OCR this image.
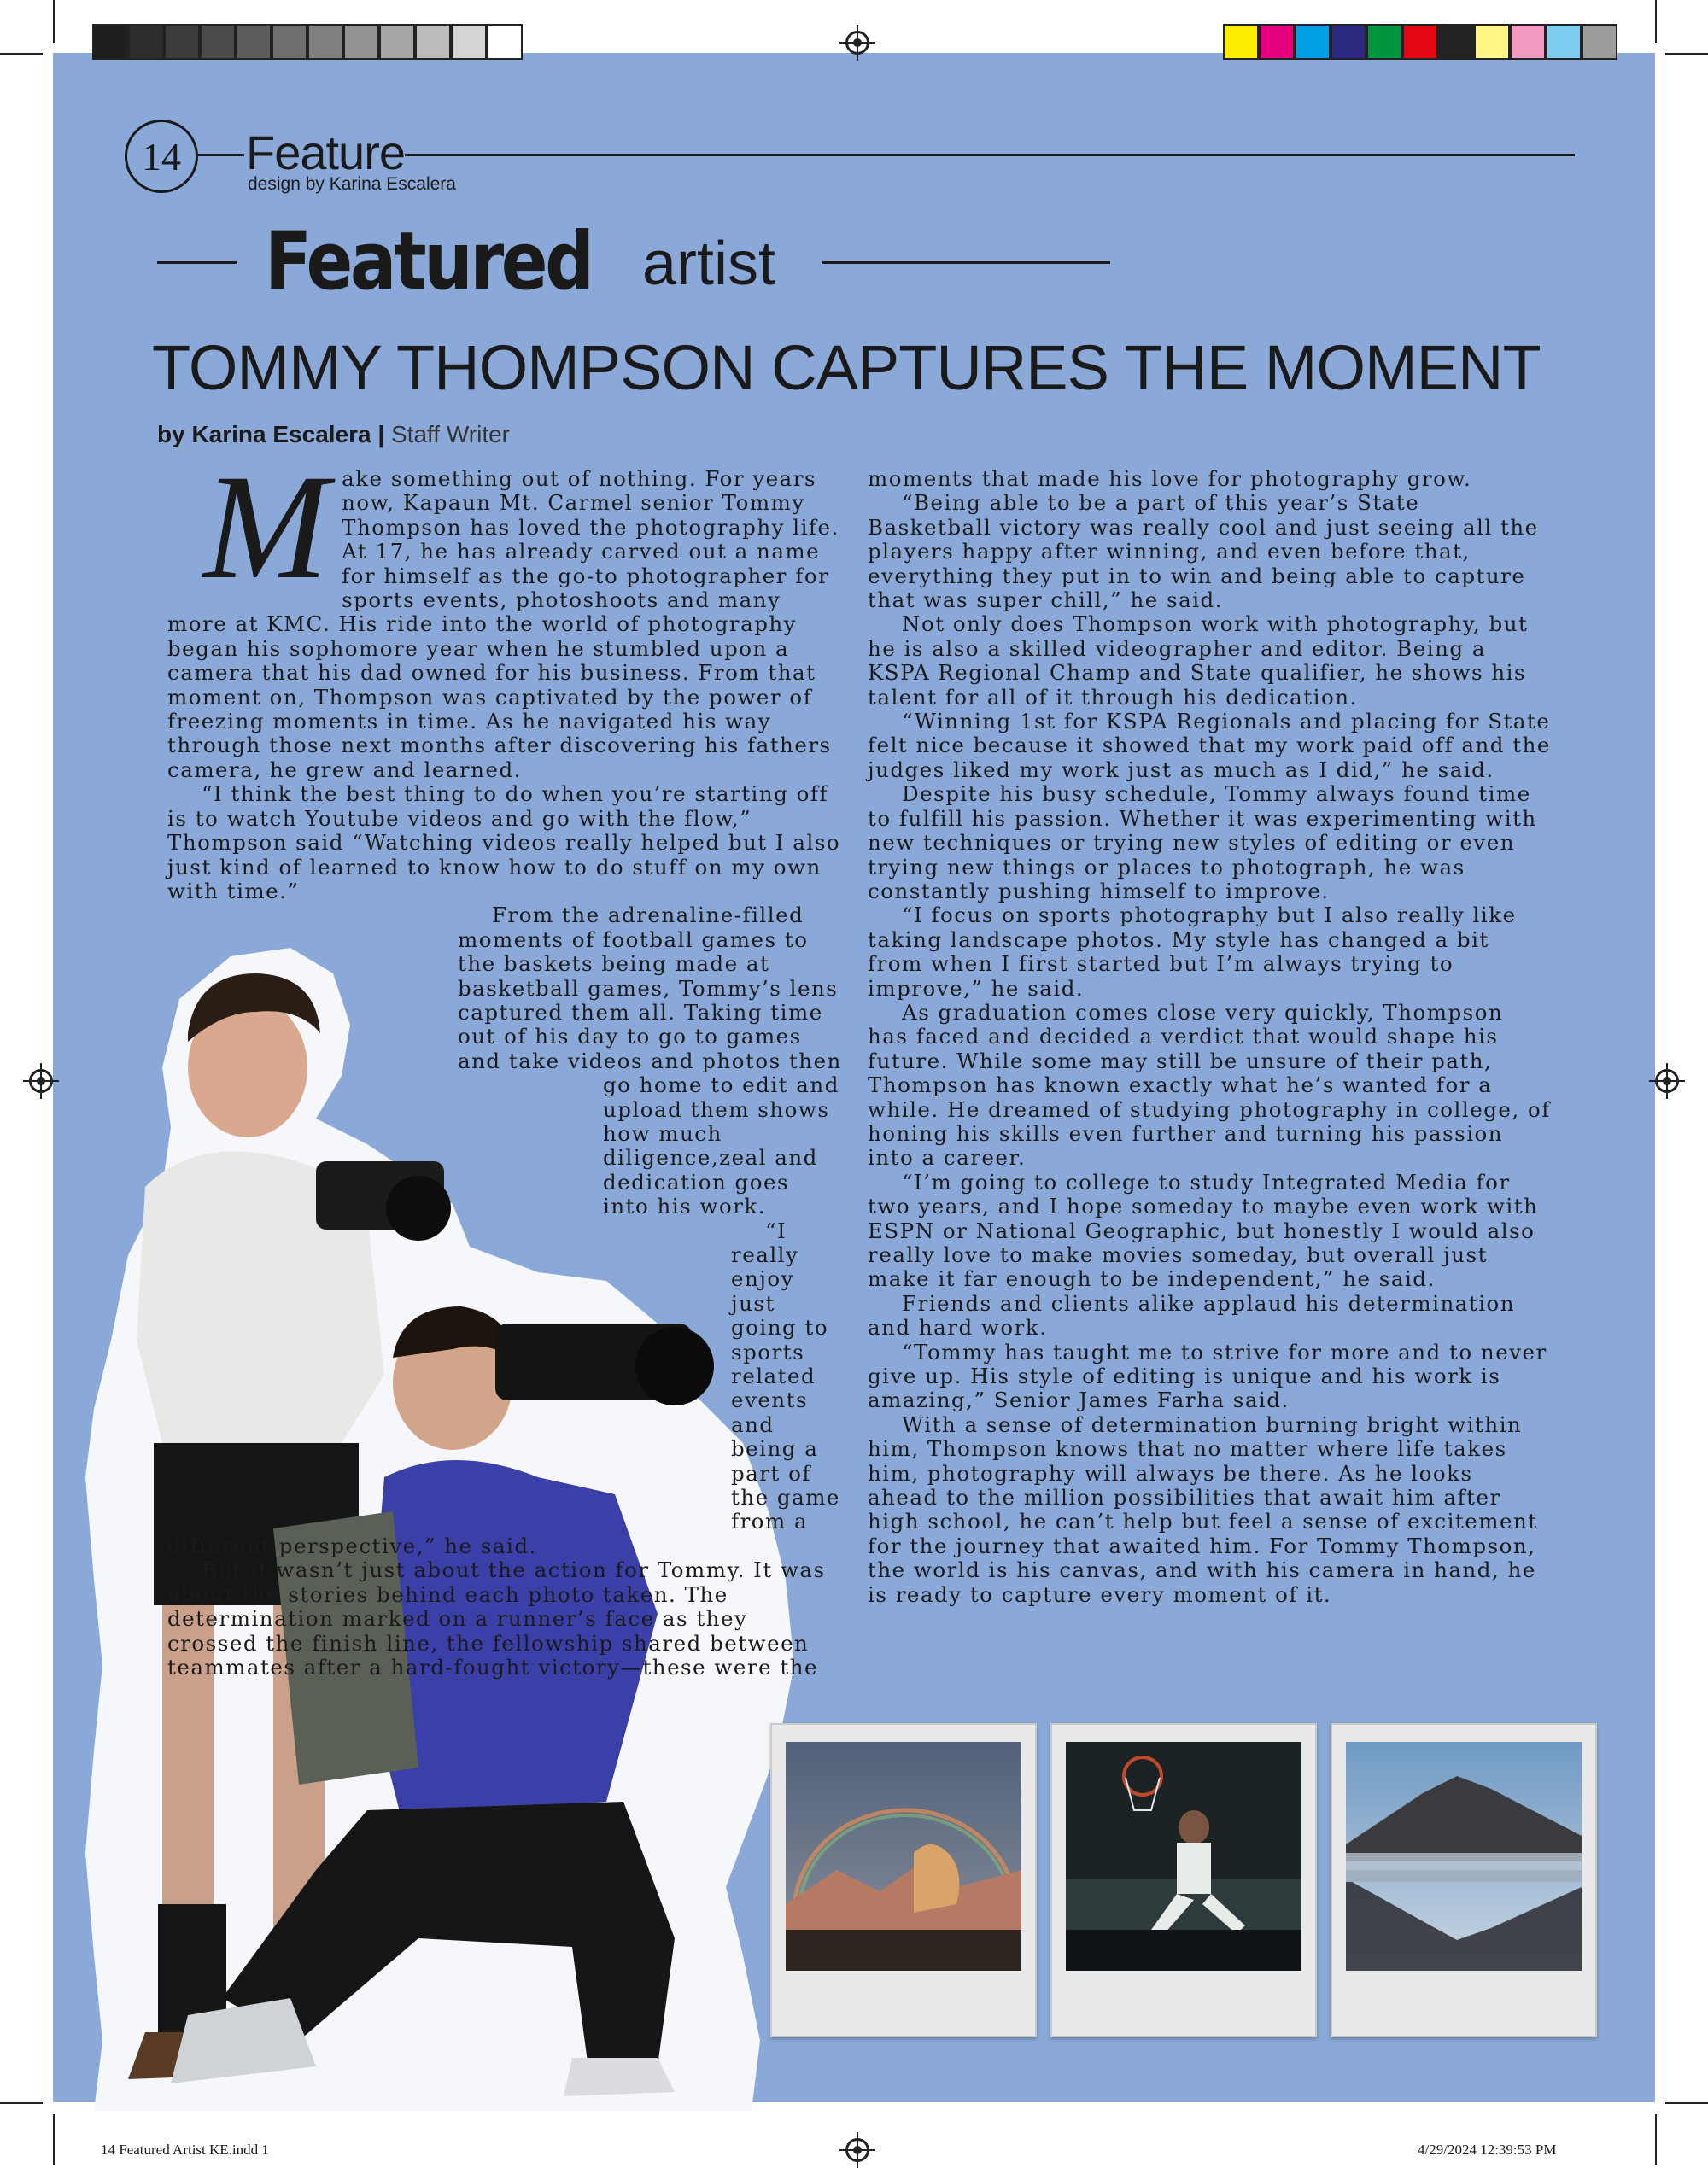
14	Feature
design by Karina Escalera
Featured artist
TOMMY THOMPSON CAPTURES THE MOMENT
by Karina Escalera | Staff Writer
M ake something out of nothing. For years now, Kapaun Mt. Carmel senior Tommy Thompson has loved the photography life. At 17, he has already carved out a name for himself as the go-to photographer for sports events, photoshoots and many more at KMC. His ride into the world of photography began his sophomore year when he stumbled upon a camera that his dad owned for his business. From that moment on, Thompson was captivated by the power of freezing moments in time. As he navigated his way through those next months after discovering his fathers camera, he grew and learned.

“I think the best thing to do when you’re starting off is to watch Youtube videos and go with the flow,” Thompson said “Watching videos really helped but I also just kind of learned to know how to do stuff on my own with time.”

From the adrenaline-filled moments of football games to the baskets being made at basketball games, Tommy’s lens captured them all. Taking time out of his day to go to games and take videos and photos then go home to edit and upload them shows how much diligence,zeal and dedication goes into his work.

“I really enjoy just going to sports related events and being a part of the game from a different perspective,” he said.

But it wasn’t just about the action for Tommy. It was about the stories behind each photo taken. The determination marked on a runner’s face as they crossed the finish line, the fellowship shared between teammates after a hard-fought victory—these were the

moments that made his love for photography grow.

“Being able to be a part of this year’s State Basketball victory was really cool and just seeing all the players happy after winning, and even before that, everything they put in to win and being able to capture that was super chill,” he said.

Not only does Thompson work with photography, but he is also a skilled videographer and editor. Being a KSPA Regional Champ and State qualifier, he shows his talent for all of it through his dedication.

“Winning 1st for KSPA Regionals and placing for State felt nice because it showed that my work paid off and the judges liked my work just as much as I did,” he said.

Despite his busy schedule, Tommy always found time to fulfill his passion. Whether it was experimenting with new techniques or trying new styles of editing or even trying new things or places to photograph, he was constantly pushing himself to improve.

“I focus on sports photography but I also really like taking landscape photos. My style has changed a bit from when I first started but I’m always trying to improve,” he said.

As graduation comes close very quickly, Thompson has faced and decided a verdict that would shape his future. While some may still be unsure of their path, Thompson has known exactly what he’s wanted for a while. He dreamed of studying photography in college, of honing his skills even further and turning his passion into a career.

“I’m going to college to study Integrated Media for two years, and I hope someday to maybe even work with ESPN or National Geographic, but honestly I would also really love to make movies someday, but overall just make it far enough to be independent,” he said.

Friends and clients alike applaud his determination and hard work.

“Tommy has taught me to strive for more and to never give up. His style of editing is unique and his work is amazing,” Senior James Farha said.

With a sense of determination burning bright within him, Thompson knows that no matter where life takes him, photography will always be there. As he looks ahead to the million possibilities that await him after high school, he can’t help but feel a sense of excitement for the journey that awaited him. For Tommy Thompson, the world is his canvas, and with his camera in hand, he is ready to capture every moment of it.

14 Featured Artist KE.indd 1	4/29/2024 12:39:53 PM
